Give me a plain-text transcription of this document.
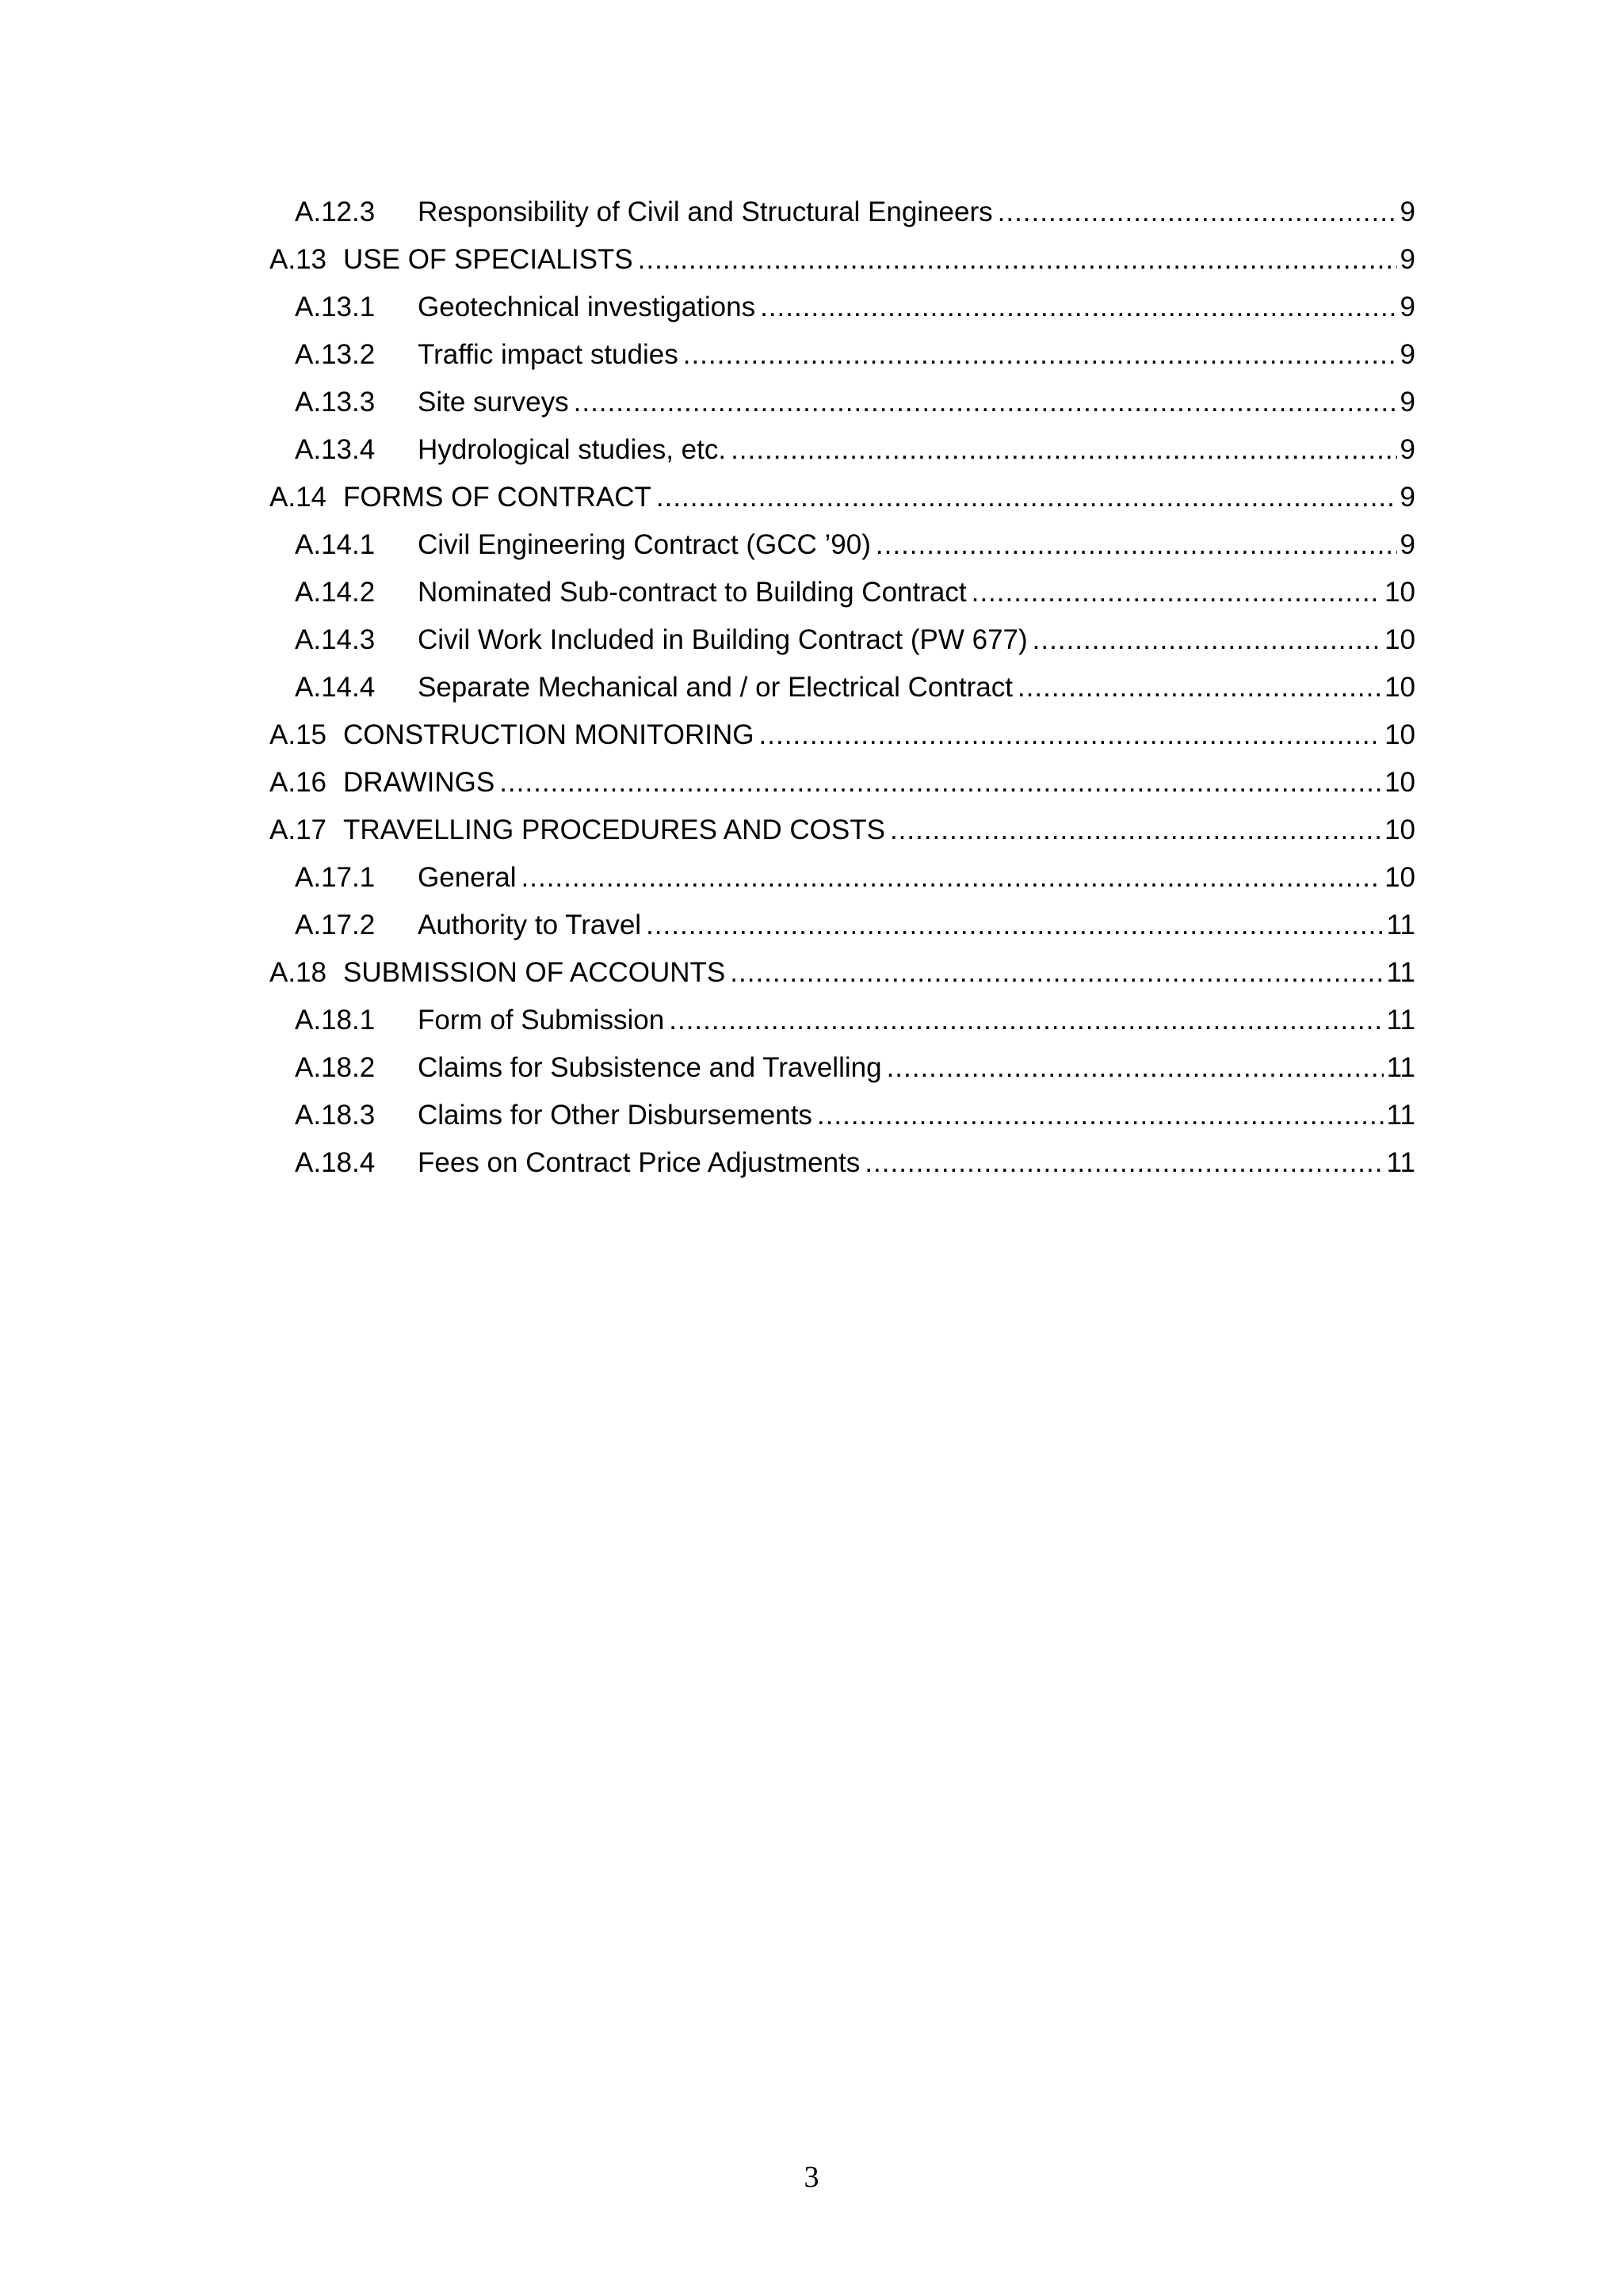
A.12.3	Responsibility of Civil and Structural Engineers .....	9
A.13 USE OF SPECIALISTS .....	9
A.13.1	Geotechnical investigations .....	9
A.13.2	Traffic impact studies .....	9
A.13.3	Site surveys .....	9
A.13.4	Hydrological studies, etc. .....	9
A.14 FORMS OF CONTRACT .....	9
A.14.1	Civil Engineering Contract (GCC ’90) .....	9
A.14.2	Nominated Sub-contract to Building Contract .....	10
A.14.3	Civil Work Included in Building Contract (PW 677) .....	10
A.14.4	Separate Mechanical and / or Electrical Contract .....	10
A.15 CONSTRUCTION MONITORING .....	10
A.16 DRAWINGS .....	10
A.17 TRAVELLING PROCEDURES AND COSTS .....	10
A.17.1	General .....	10
A.17.2	Authority to Travel .....	11
A.18 SUBMISSION OF ACCOUNTS .....	11
A.18.1	Form of Submission .....	11
A.18.2	Claims for Subsistence and Travelling .....	11
A.18.3	Claims for Other Disbursements .....	11
A.18.4	Fees on Contract Price Adjustments .....	11
3
